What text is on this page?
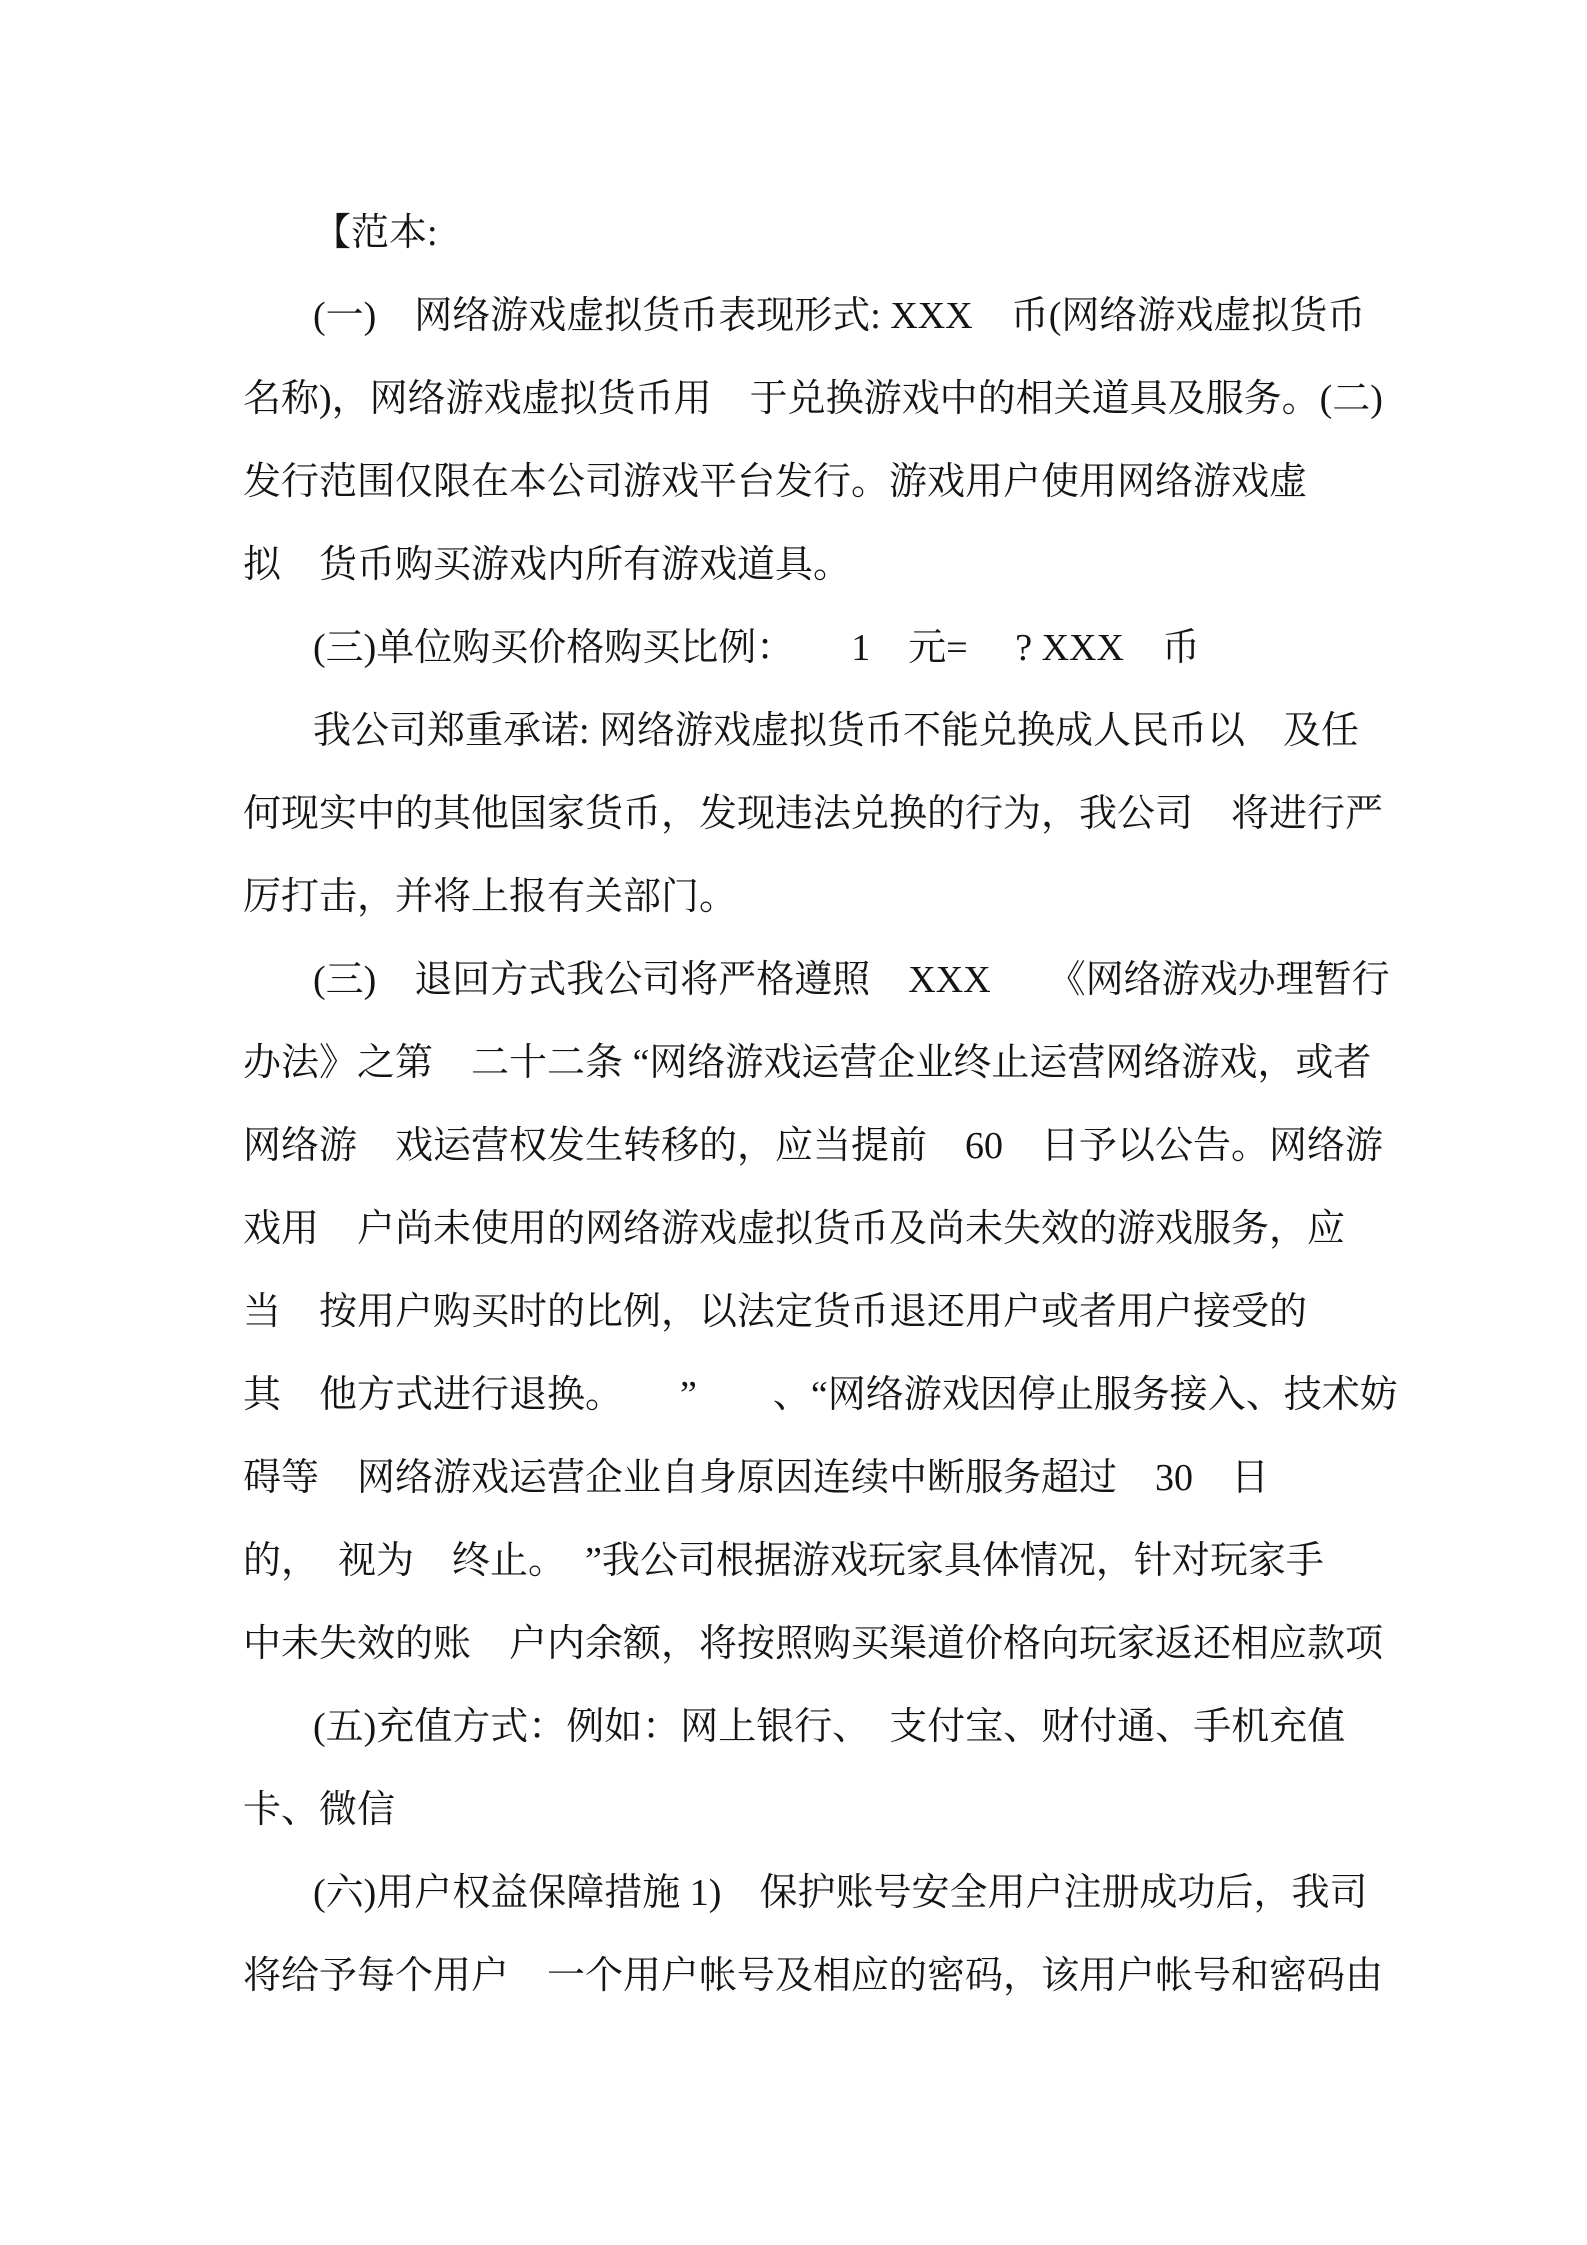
【范本:
(一)　网络游戏虚拟货币表现形式: XXX　币(网络游戏虚拟货币
名称)，网络游戏虚拟货币用　于兑换游戏中的相关道具及服务。(二)
发行范围仅限在本公司游戏平台发行。游戏用户使用网络游戏虚
拟　货币购买游戏内所有游戏道具。
(三)单位购买价格购买比例：　　1　元=　 ? XXX　币
我公司郑重承诺: 网络游戏虚拟货币不能兑换成人民币以　及任
何现实中的其他国家货币，发现违法兑换的行为，我公司　将进行严
厉打击，并将上报有关部门。
(三)　退回方式我公司将严格遵照　XXX　　《网络游戏办理暂行
办法》之第　二十二条 “网络游戏运营企业终止运营网络游戏，或者
网络游　戏运营权发生转移的，应当提前　60　日予以公告。网络游
戏用　户尚未使用的网络游戏虚拟货币及尚未失效的游戏服务，应
当　按用户购买时的比例，以法定货币退还用户或者用户接受的
其　他方式进行退换。　　”　　、“网络游戏因停止服务接入、技术妨
碍等　网络游戏运营企业自身原因连续中断服务超过　30　日
的，　视为　终止。　”我公司根据游戏玩家具体情况，针对玩家手
中未失效的账　户内余额，将按照购买渠道价格向玩家返还相应款项
(五)充值方式：例如：网上银行、　支付宝、财付通、手机充值
卡、微信
(六)用户权益保障措施 1)　保护账号安全用户注册成功后，我司
将给予每个用户　一个用户帐号及相应的密码，该用户帐号和密码由
